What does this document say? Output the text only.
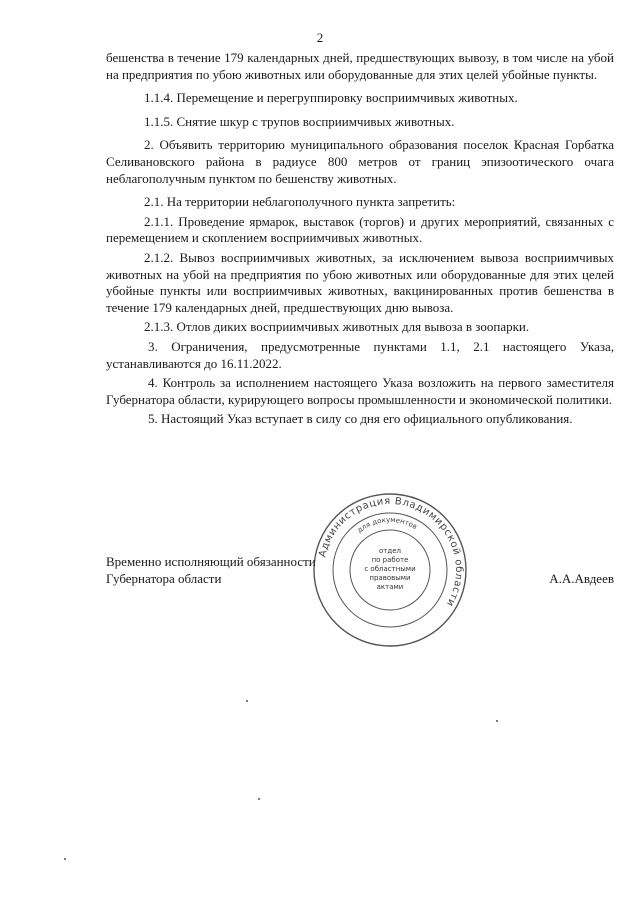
2

бешенства в течение 179 календарных дней, предшествующих вывозу, в том числе на убой на предприятия по убою животных или оборудованные для этих целей убойные пункты.

1.1.4. Перемещение и перегруппировку восприимчивых животных.

1.1.5. Снятие шкур с трупов восприимчивых животных.

2. Объявить территорию муниципального образования поселок Красная Горбатка Селивановского района в радиусе 800 метров от границ эпизоотического очага неблагополучным пунктом по бешенству животных.

2.1. На территории неблагополучного пункта запретить:

2.1.1. Проведение ярмарок, выставок (торгов) и других мероприятий, связанных с перемещением и скоплением восприимчивых животных.

2.1.2. Вывоз восприимчивых животных, за исключением вывоза восприимчивых животных на убой на предприятия по убою животных или оборудованные для этих целей убойные пункты или восприимчивых животных, вакцинированных против бешенства в течение 179 календарных дней, предшествующих дню вывоза.

2.1.3. Отлов диких восприимчивых животных для вывоза в зоопарки.

3. Ограничения, предусмотренные пунктами 1.1, 2.1 настоящего Указа, устанавливаются до 16.11.2022.

4. Контроль за исполнением настоящего Указа возложить на первого заместителя Губернатора области, курирующего вопросы промышленности и экономической политики.

5. Настоящий Указ вступает в силу со дня его официального опубликования.

Администрация Владимирской области
для документов
отдел
по работе
с областными
правовыми
актами
Временно исполняющий обязанности
Губернатора области	А.А.Авдеев
